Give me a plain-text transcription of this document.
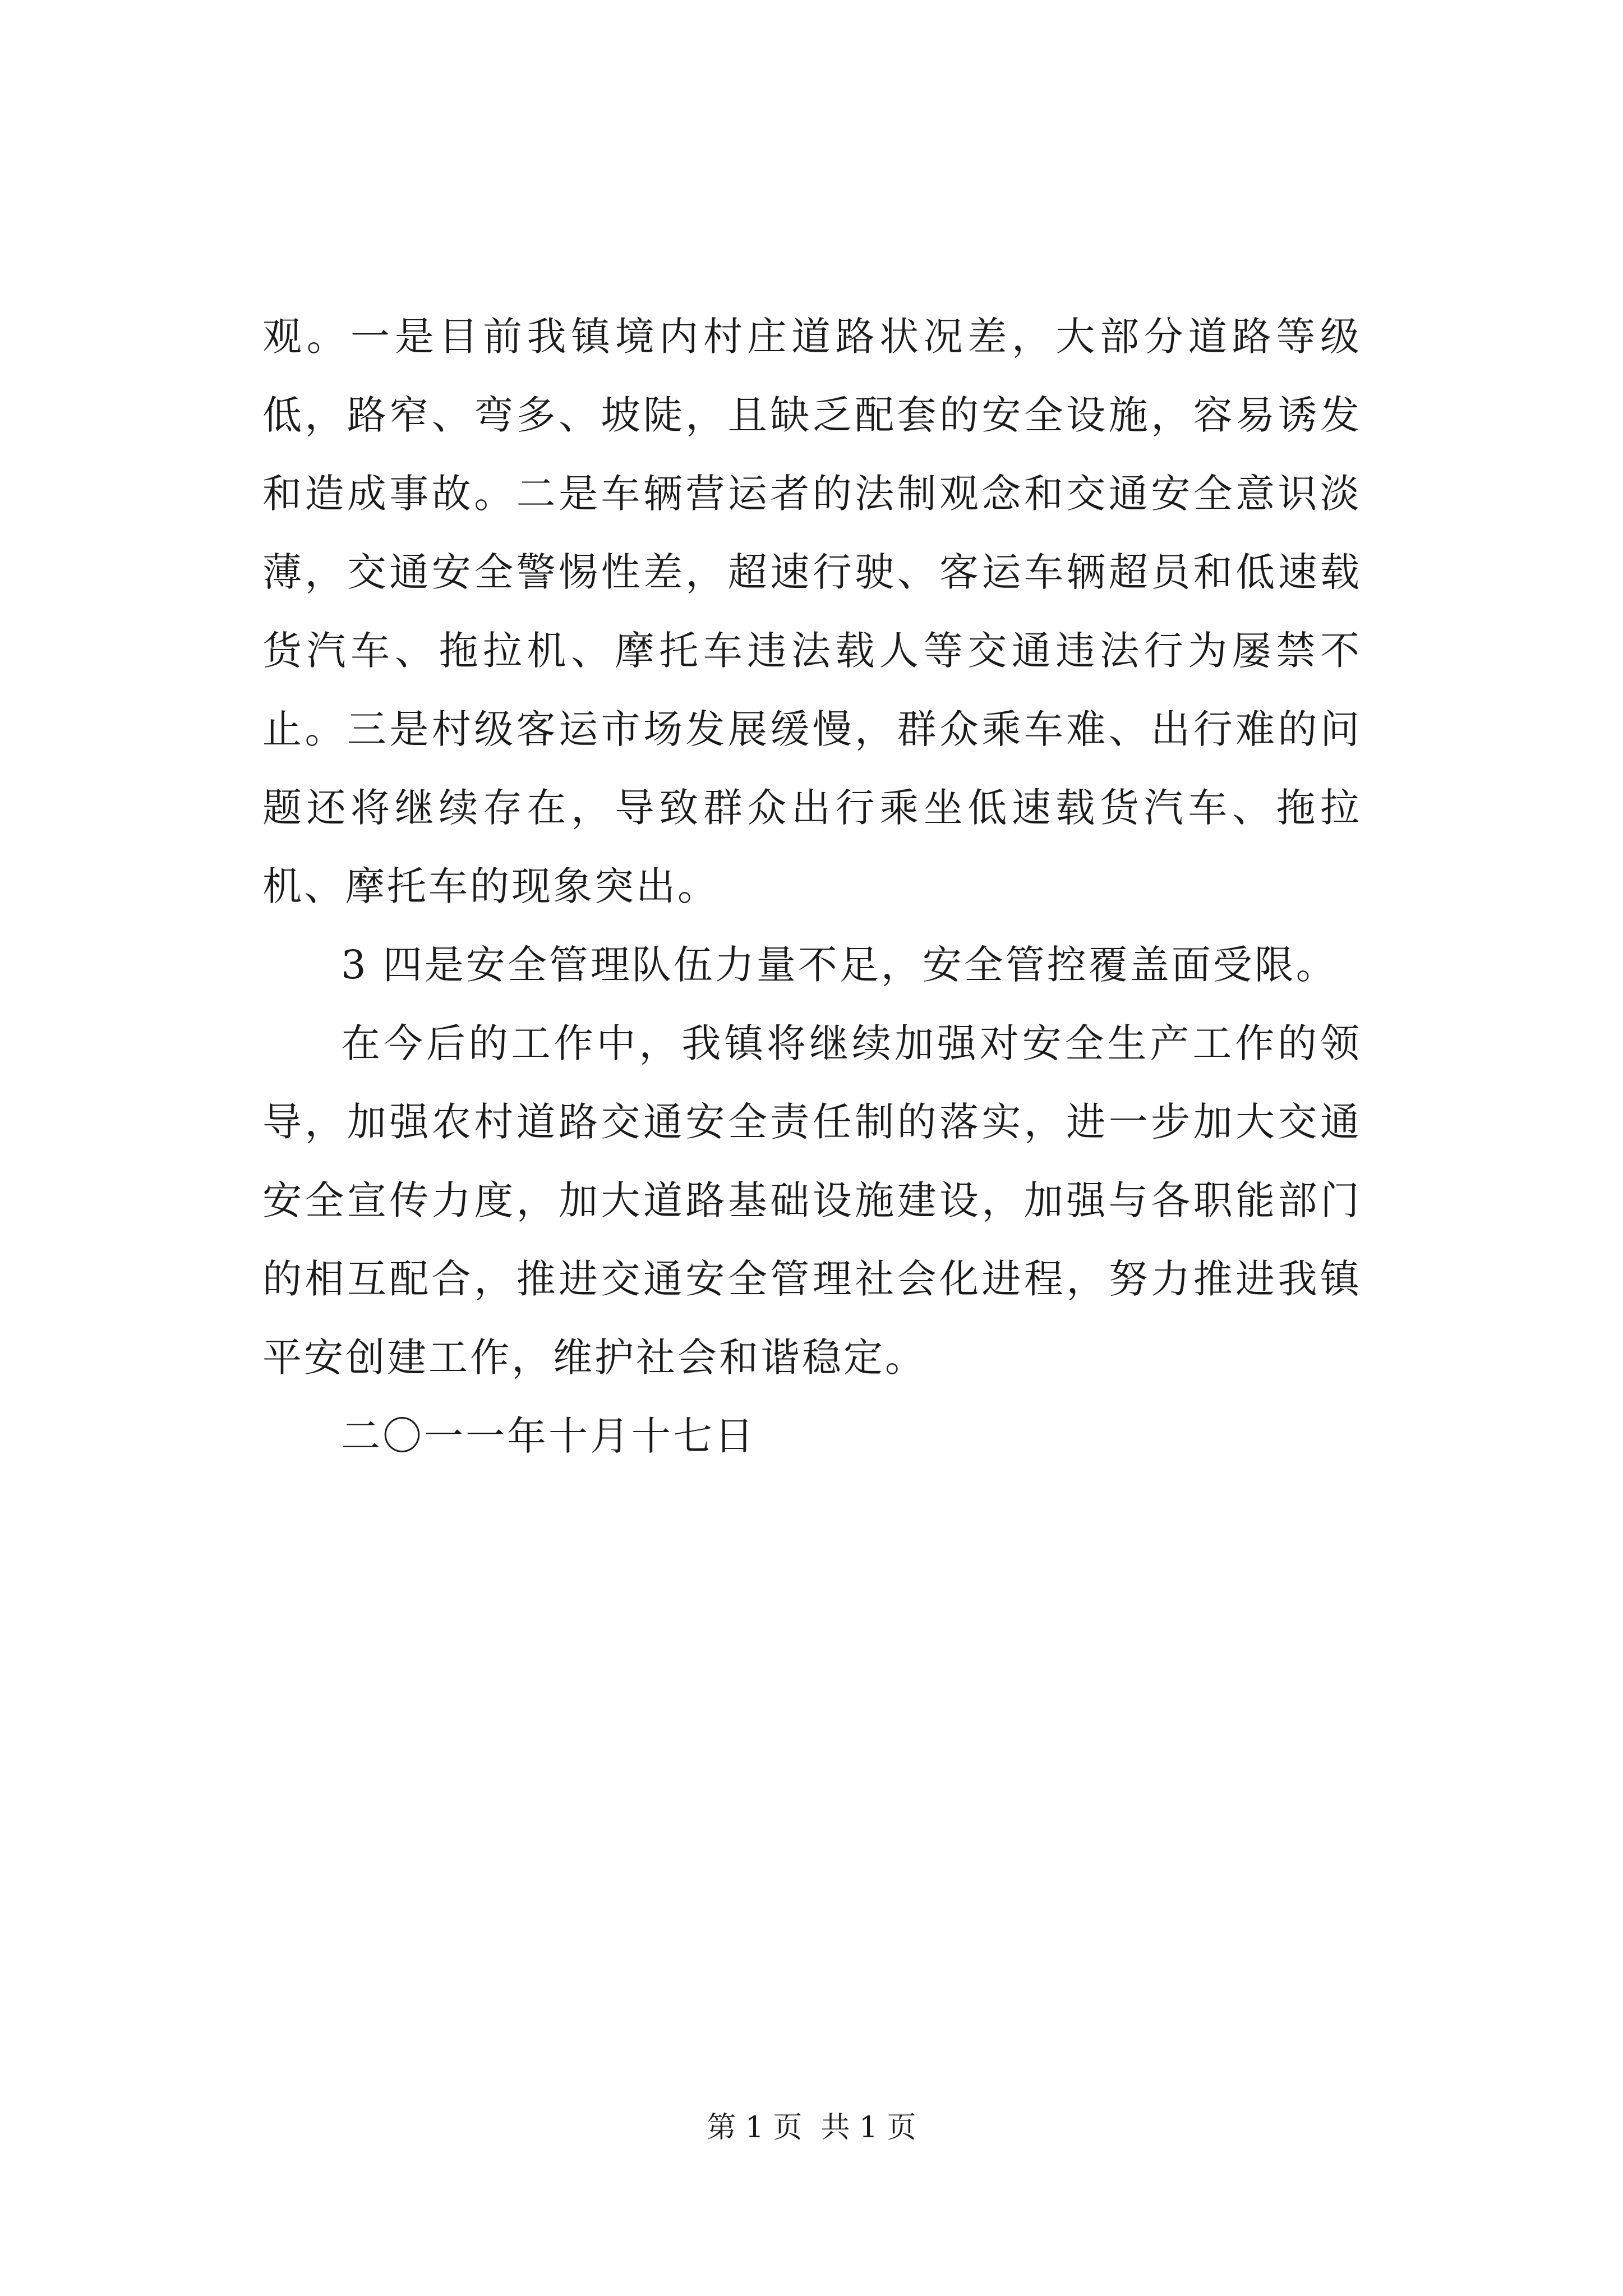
观。一是目前我镇境内村庄道路状况差，大部分道路等级低，路窄、弯多、坡陡，且缺乏配套的安全设施，容易诱发和造成事故。二是车辆营运者的法制观念和交通安全意识淡薄，交通安全警惕性差，超速行驶、客运车辆超员和低速载货汽车、拖拉机、摩托车违法载人等交通违法行为屡禁不止。三是村级客运市场发展缓慢，群众乘车难、出行难的问题还将继续存在，导致群众出行乘坐低速载货汽车、拖拉机、摩托车的现象突出。

3 四是安全管理队伍力量不足，安全管控覆盖面受限。

在今后的工作中，我镇将继续加强对安全生产工作的领导，加强农村道路交通安全责任制的落实，进一步加大交通安全宣传力度，加大道路基础设施建设，加强与各职能部门的相互配合，推进交通安全管理社会化进程，努力推进我镇平安创建工作，维护社会和谐稳定。

二〇一一年十月十七日

第 1 页  共 1 页
